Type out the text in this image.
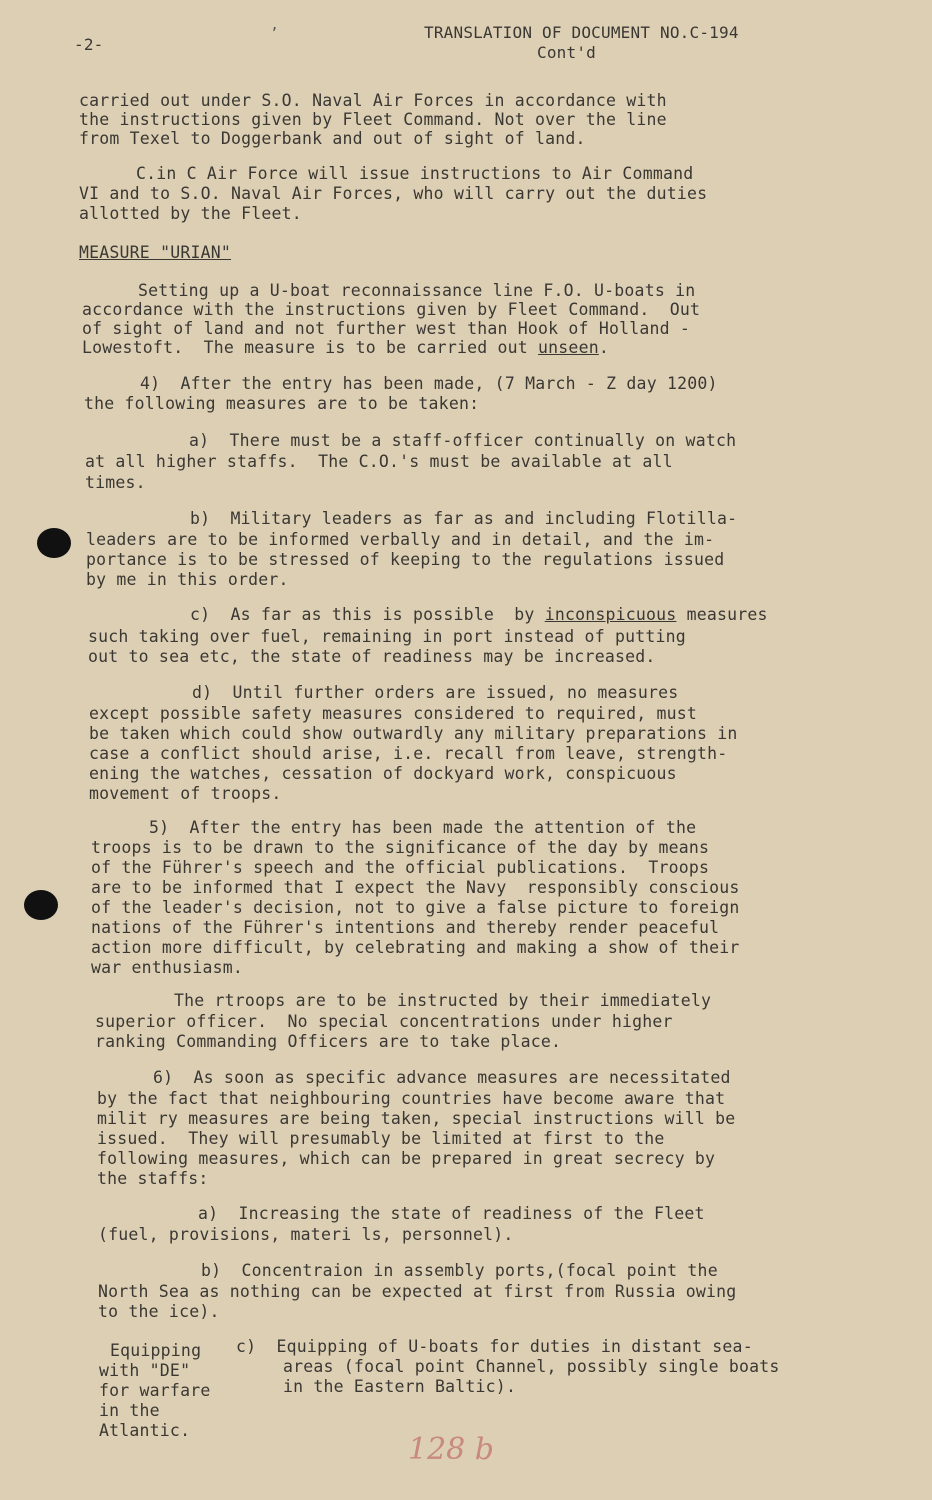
-2-
’	TRANSLATION OF DOCUMENT NO.C-194
Cont'd
carried out under S.O. Naval Air Forces in accordance with
the instructions given by Fleet Command. Not over the line
from Texel to Doggerbank and out of sight of land.
C.in C Air Force will issue instructions to Air Command
VI and to S.O. Naval Air Forces, who will carry out the duties
allotted by the Fleet.
MEASURE "URIAN"
Setting up a U-boat reconnaissance line F.O. U-boats in
accordance with the instructions given by Fleet Command.  Out
of sight of land and not further west than Hook of Holland -
Lowestoft.  The measure is to be carried out unseen.
4)  After the entry has been made, (7 March - Z day 1200)
the following measures are to be taken:
a)  There must be a staff-officer continually on watch
at all higher staffs.  The C.O.'s must be available at all
times.
b)  Military leaders as far as and including Flotilla-
leaders are to be informed verbally and in detail, and the im-
portance is to be stressed of keeping to the regulations issued
by me in this order.
c)  As far as this is possible  by inconspicuous measures
such taking over fuel, remaining in port instead of putting
out to sea etc, the state of readiness may be increased.
d)  Until further orders are issued, no measures
except possible safety measures considered to required, must
be taken which could show outwardly any military preparations in
case a conflict should arise, i.e. recall from leave, strength-
ening the watches, cessation of dockyard work, conspicuous
movement of troops.
5)  After the entry has been made the attention of the
troops is to be drawn to the significance of the day by means
of the Führer's speech and the official publications.  Troops
are to be informed that I expect the Navy  responsibly conscious
of the leader's decision, not to give a false picture to foreign
nations of the Führer's intentions and thereby render peaceful
action more difficult, by celebrating and making a show of their
war enthusiasm.
The rtroops are to be instructed by their immediately
superior officer.  No special concentrations under higher
ranking Commanding Officers are to take place.
6)  As soon as specific advance measures are necessitated
by the fact that neighbouring countries have become aware that
milit ry measures are being taken, special instructions will be
issued.  They will presumably be limited at first to the
following measures, which can be prepared in great secrecy by
the staffs:
a)  Increasing the state of readiness of the Fleet
(fuel, provisions, materi ls, personnel).
b)  Concentraion in assembly ports,(focal point the
North Sea as nothing can be expected at first from Russia owing
to the ice).
Equipping
with "DE"
for warfare
in the
Atlantic.
c)  Equipping of U-boats for duties in distant sea-
areas (focal point Channel, possibly single boats
in the Eastern Baltic).
128 b
